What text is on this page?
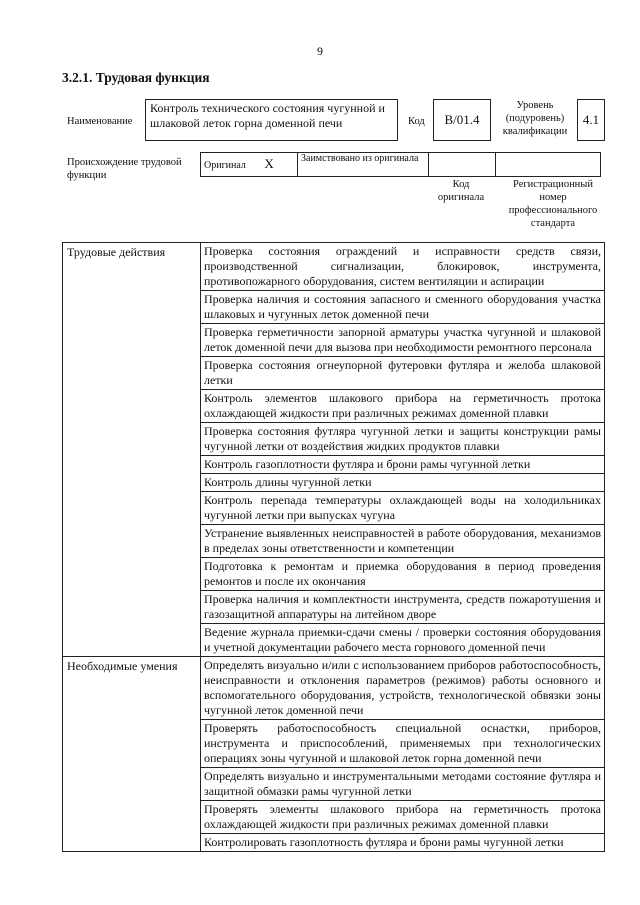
9
3.2.1. Трудовая функция
Наименование
Контроль технического состояния чугунной и шлаковой леток горна доменной печи	Код B/01.4
Уровень
(подуровень)
квалификации
4.1
Происхождение трудовой функции
Оригинал X	Заимствовано из оригинала		
Код
оригинала
Регистрационный
номер
профессионального
стандарта
Трудовые действия	Проверка состояния ограждений и исправности средств связи, производственной сигнализации, блокировок, инструмента, противопожарного оборудования, систем вентиляции и аспирации
	Проверка наличия и состояния запасного и сменного оборудования участка шлаковых и чугунных леток доменной печи
	Проверка герметичности запорной арматуры участка чугунной и шлаковой леток доменной печи для вызова при необходимости ремонтного персонала
	Проверка состояния огнеупорной футеровки футляра и желоба шлаковой летки
	Контроль элементов шлакового прибора на герметичность протока охлаждающей жидкости при различных режимах доменной плавки
	Проверка состояния футляра чугунной летки и защиты конструкции рамы чугунной летки от воздействия жидких продуктов плавки
	Контроль газоплотности футляра и брони рамы чугунной летки
	Контроль длины чугунной летки
	Контроль перепада температуры охлаждающей воды на холодильниках чугунной летки при выпусках чугуна
	Устранение выявленных неисправностей в работе оборудования, механизмов в пределах зоны ответственности и компетенции
	Подготовка к ремонтам и приемка оборудования в период проведения ремонтов и после их окончания
	Проверка наличия и комплектности инструмента, средств пожаротушения и газозащитной аппаратуры на литейном дворе
	Ведение журнала приемки-сдачи смены / проверки состояния оборудования и учетной документации рабочего места горнового доменной печи
Необходимые умения	Определять визуально и/или с использованием приборов работоспособность, неисправности и отклонения параметров (режимов) работы основного и вспомогательного оборудования, устройств, технологической обвязки зоны чугунной леток доменной печи
	Проверять работоспособность специальной оснастки, приборов, инструмента и приспособлений, применяемых при технологических операциях зоны чугунной и шлаковой леток горна доменной печи
	Определять визуально и инструментальными методами состояние футляра и защитной обмазки рамы чугунной летки
	Проверять элементы шлакового прибора на герметичность протока охлаждающей жидкости при различных режимах доменной плавки
	Контролировать газоплотность футляра и брони рамы чугунной летки
